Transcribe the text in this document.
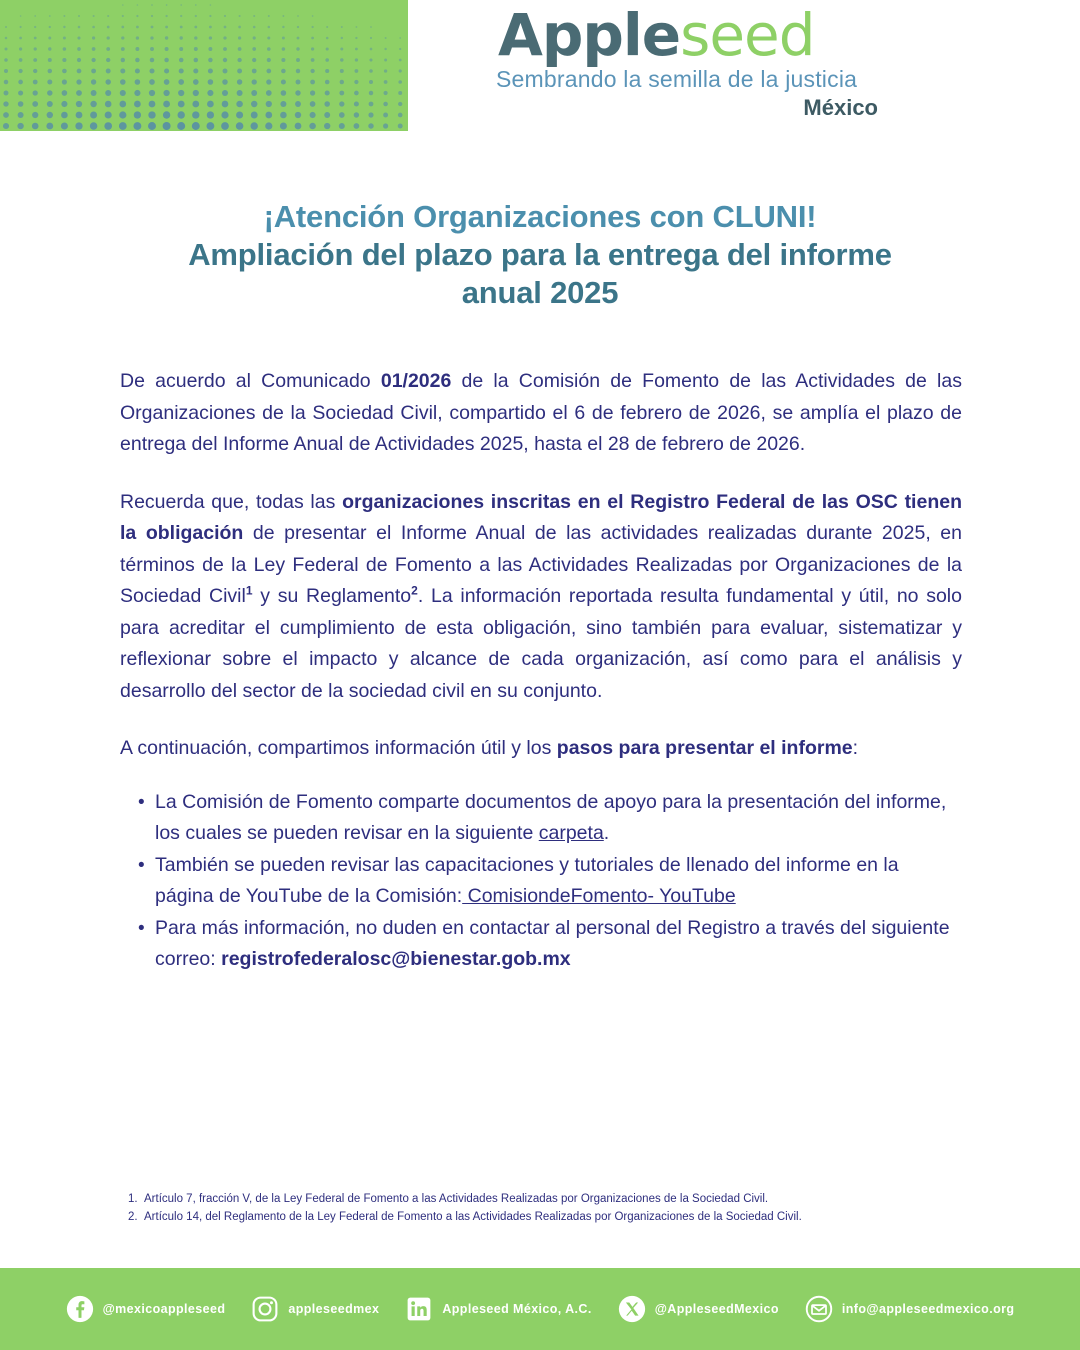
Appleseed
Sembrando la semilla de la justicia
México
¡Atención Organizaciones con CLUNI!
Ampliación del plazo para la entrega del informe
anual 2025

De acuerdo al Comunicado 01/2026 de la Comisión de Fomento de las Actividades de las Organizaciones de la Sociedad Civil, compartido el 6 de febrero de 2026, se amplía el plazo de entrega del Informe Anual de Actividades 2025, hasta el 28 de febrero de 2026.

Recuerda que, todas las organizaciones inscritas en el Registro Federal de las OSC tienen la obligación de presentar el Informe Anual de las actividades realizadas durante 2025, en términos de la Ley Federal de Fomento a las Actividades Realizadas por Organizaciones de la Sociedad Civil$^1$ y su Reglamento$^2$. La información reportada resulta fundamental y útil, no solo para acreditar el cumplimiento de esta obligación, sino también para evaluar, sistematizar y reflexionar sobre el impacto y alcance de cada organización, así como para el análisis y desarrollo del sector de la sociedad civil en su conjunto.

A continuación, compartimos información útil y los pasos para presentar el informe:

• La Comisión de Fomento comparte documentos de apoyo para la presentación del informe, los cuales se pueden revisar en la siguiente carpeta.
• También se pueden revisar las capacitaciones y tutoriales de llenado del informe en la página de YouTube de la Comisión: ComisiondeFomento- YouTube
• Para más información, no duden en contactar al personal del Registro a través del siguiente correo: registrofederalosc@bienestar.gob.mx
1. Artículo 7, fracción V, de la Ley Federal de Fomento a las Actividades Realizadas por Organizaciones de la Sociedad Civil.
2. Artículo 14, del Reglamento de la Ley Federal de Fomento a las Actividades Realizadas por Organizaciones de la Sociedad Civil.
@mexicoappleseed	appleseedmex	Appleseed México, A.C.	@AppleseedMexico	info@appleseedmexico.org
